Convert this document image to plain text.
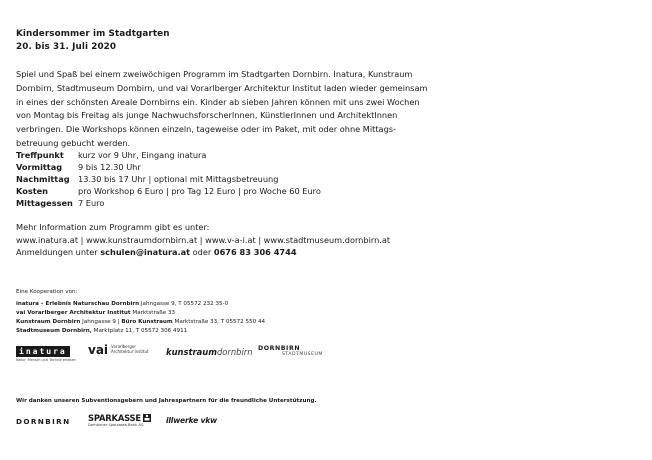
Kindersommer im Stadtgarten
20. bis 31. Juli 2020
Spiel und Spaß bei einem zweiwöchigen Programm im Stadtgarten Dornbirn. Inatura, Kunstraum
Dornbirn, Stadtmuseum Dornbirn, und vai Vorarlberger Architektur Institut laden wieder gemeinsam
in eines der schönsten Areale Dornbirns ein. Kinder ab sieben Jahren können mit uns zwei Wochen
von Montag bis Freitag als junge NachwuchsforscherInnen, KünstlerInnen und ArchitektInnen
verbringen. Die Workshops können einzeln, tageweise oder im Paket, mit oder ohne Mittags-
betreuung gebucht werden.
Treffpunkt kurz vor 9 Uhr, Eingang inatura
Vormittag 9 bis 12.30 Uhr
Nachmittag 13.30 bis 17 Uhr | optional mit Mittagsbetreuung
Kosten	pro Workshop 6 Euro | pro Tag 12 Euro | pro Woche 60 Euro
Mittagessen 7 Euro
Mehr Information zum Programm gibt es unter:
www.inatura.at | www.kunstraumdornbirn.at | www.v-a-i.at | www.stadtmuseum.dornbirn.at
Anmeldungen unter schulen@inatura.at oder 0676 83 306 4744
Eine Kooperation von:
inatura – Erlebnis Naturschau Dornbirn Jahngasse 9, T 05572 232 35-0
vai Vorarlberger Architektur Institut Marktstraße 33
Kunstraum Dornbirn Jahngasse 9 | Büro Kunstraum Marktstraße 33, T 05572 550 44
Stadtmuseum Dornbirn, Marktplatz 11, T 05572 306 4911
inatura
Natur, Mensch und Technik erleben
vai Vorarlberger
Architektur Institut kunstraum dornbirn DORNBIRN
STADTMUSEUM
Wir danken unseren Subventionsgebern und Jahrespartnern für die freundliche Unterstützung.
DORNBIRN SPARKASSE
Dornbirner Sparkasse Bank AG	illwerke vkw
